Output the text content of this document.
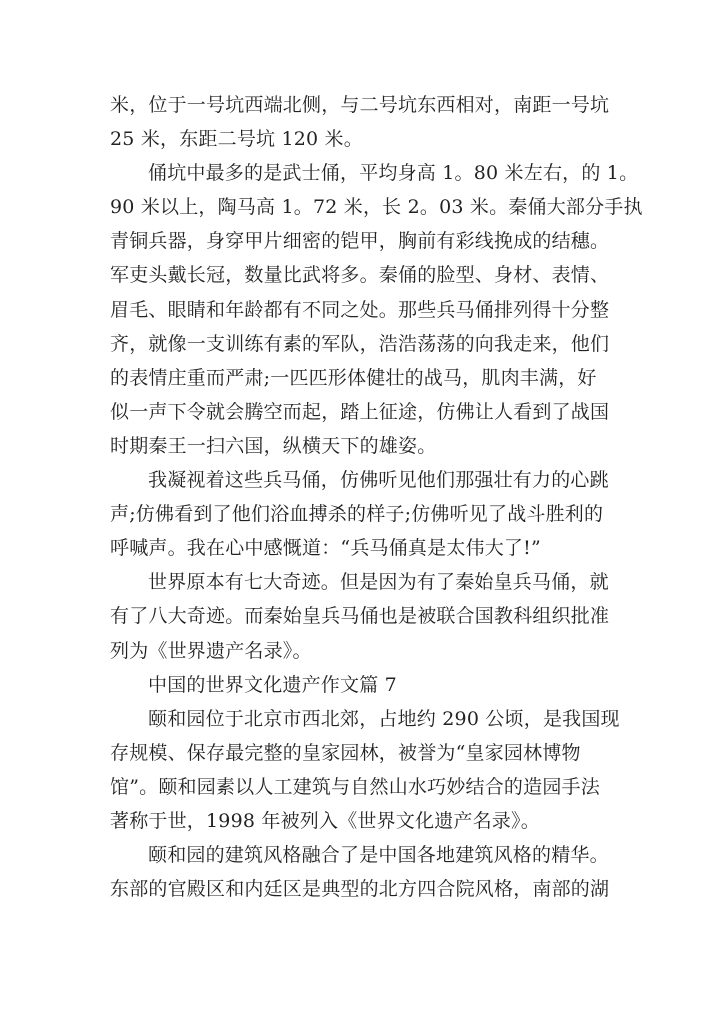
米，位于一号坑西端北侧，与二号坑东西相对，南距一号坑
25 米，东距二号坑 120 米。
俑坑中最多的是武士俑，平均身高 1。80 米左右，的 1。
90 米以上，陶马高 1。72 米，长 2。03 米。秦俑大部分手执
青铜兵器，身穿甲片细密的铠甲，胸前有彩线挽成的结穗。
军吏头戴长冠，数量比武将多。秦俑的脸型、身材、表情、
眉毛、眼睛和年龄都有不同之处。那些兵马俑排列得十分整
齐，就像一支训练有素的军队，浩浩荡荡的向我走来，他们
的表情庄重而严肃;一匹匹形体健壮的战马，肌肉丰满，好
似一声下令就会腾空而起，踏上征途，仿佛让人看到了战国
时期秦王一扫六国，纵横天下的雄姿。
我凝视着这些兵马俑，仿佛听见他们那强壮有力的心跳
声;仿佛看到了他们浴血搏杀的样子;仿佛听见了战斗胜利的
呼喊声。我在心中感慨道：“兵马俑真是太伟大了!”
世界原本有七大奇迹。但是因为有了秦始皇兵马俑，就
有了八大奇迹。而秦始皇兵马俑也是被联合国教科组织批准
列为《世界遗产名录》。
中国的世界文化遗产作文篇 7
颐和园位于北京市西北郊，占地约 290 公顷，是我国现
存规模、保存最完整的皇家园林，被誉为“皇家园林博物
馆”。颐和园素以人工建筑与自然山水巧妙结合的造园手法
著称于世，1998 年被列入《世界文化遗产名录》。
颐和园的建筑风格融合了是中国各地建筑风格的精华。
东部的官殿区和内廷区是典型的北方四合院风格，南部的湖
